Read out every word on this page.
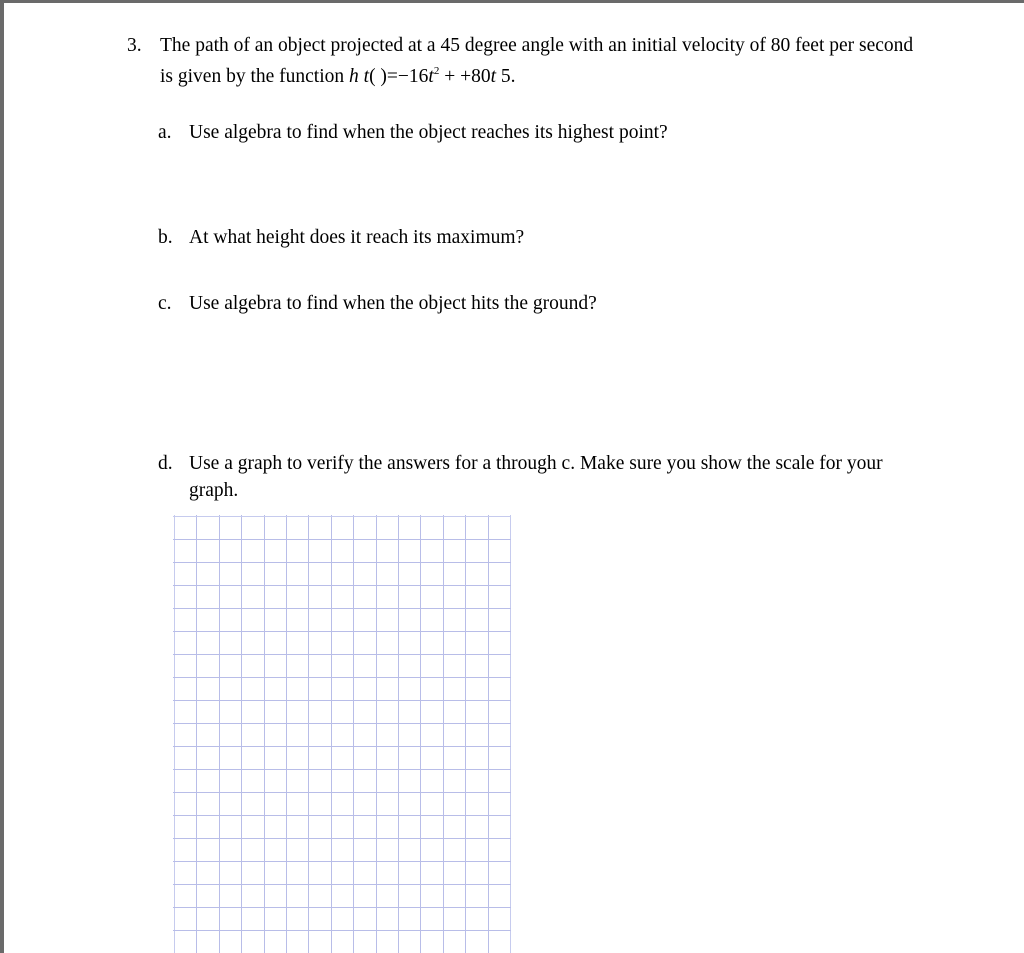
3. The path of an object projected at a 45 degree angle with an initial velocity of 80 feet per second
is given by the function h t( )$=-16t^2 + +80t$ 5.
a. Use algebra to find when the object reaches its highest point?
b. At what height does it reach its maximum?
c. Use algebra to find when the object hits the ground?
d. Use a graph to verify the answers for a through c. Make sure you show the scale for your
graph.
